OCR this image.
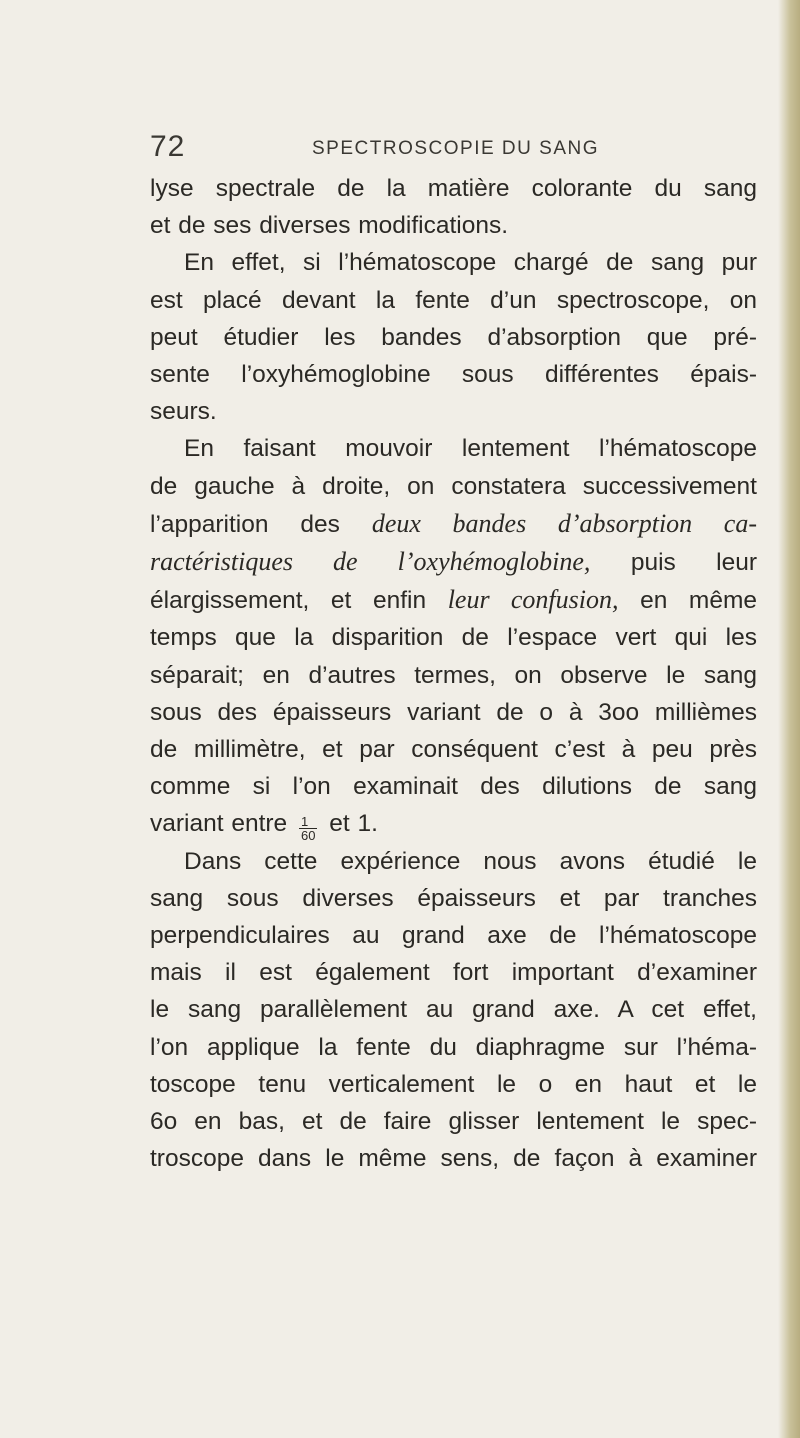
72	SPECTROSCOPIE DU SANG
lyse spectrale de la matière colorante du sang
et de ses diverses modifications.
En effet, si l’hématoscope chargé de sang pur
est placé devant la fente d’un spectroscope, on
peut étudier les bandes d’absorption que pré-
sente l’oxyhémoglobine sous différentes épais-
seurs.
En faisant mouvoir lentement l’hématoscope
de gauche à droite, on constatera successivement
l’apparition des deux bandes d’absorption ca-
ractéristiques de l’oxyhémoglobine, puis leur
élargissement, et enfin leur confusion, en même
temps que la disparition de l’espace vert qui les
séparait; en d’autres termes, on observe le sang
sous des épaisseurs variant de o à 3oo millièmes
de millimètre, et par conséquent c’est à peu près
comme si l’on examinait des dilutions de sang
variant entre $\frac{1}{60}$ et 1.
Dans cette expérience nous avons étudié le
sang sous diverses épaisseurs et par tranches
perpendiculaires au grand axe de l’hématoscope
mais il est également fort important d’examiner
le sang parallèlement au grand axe. A cet effet,
l’on applique la fente du diaphragme sur l’héma-
toscope tenu verticalement le o en haut et le
6o en bas, et de faire glisser lentement le spec-
troscope dans le même sens, de façon à examiner
